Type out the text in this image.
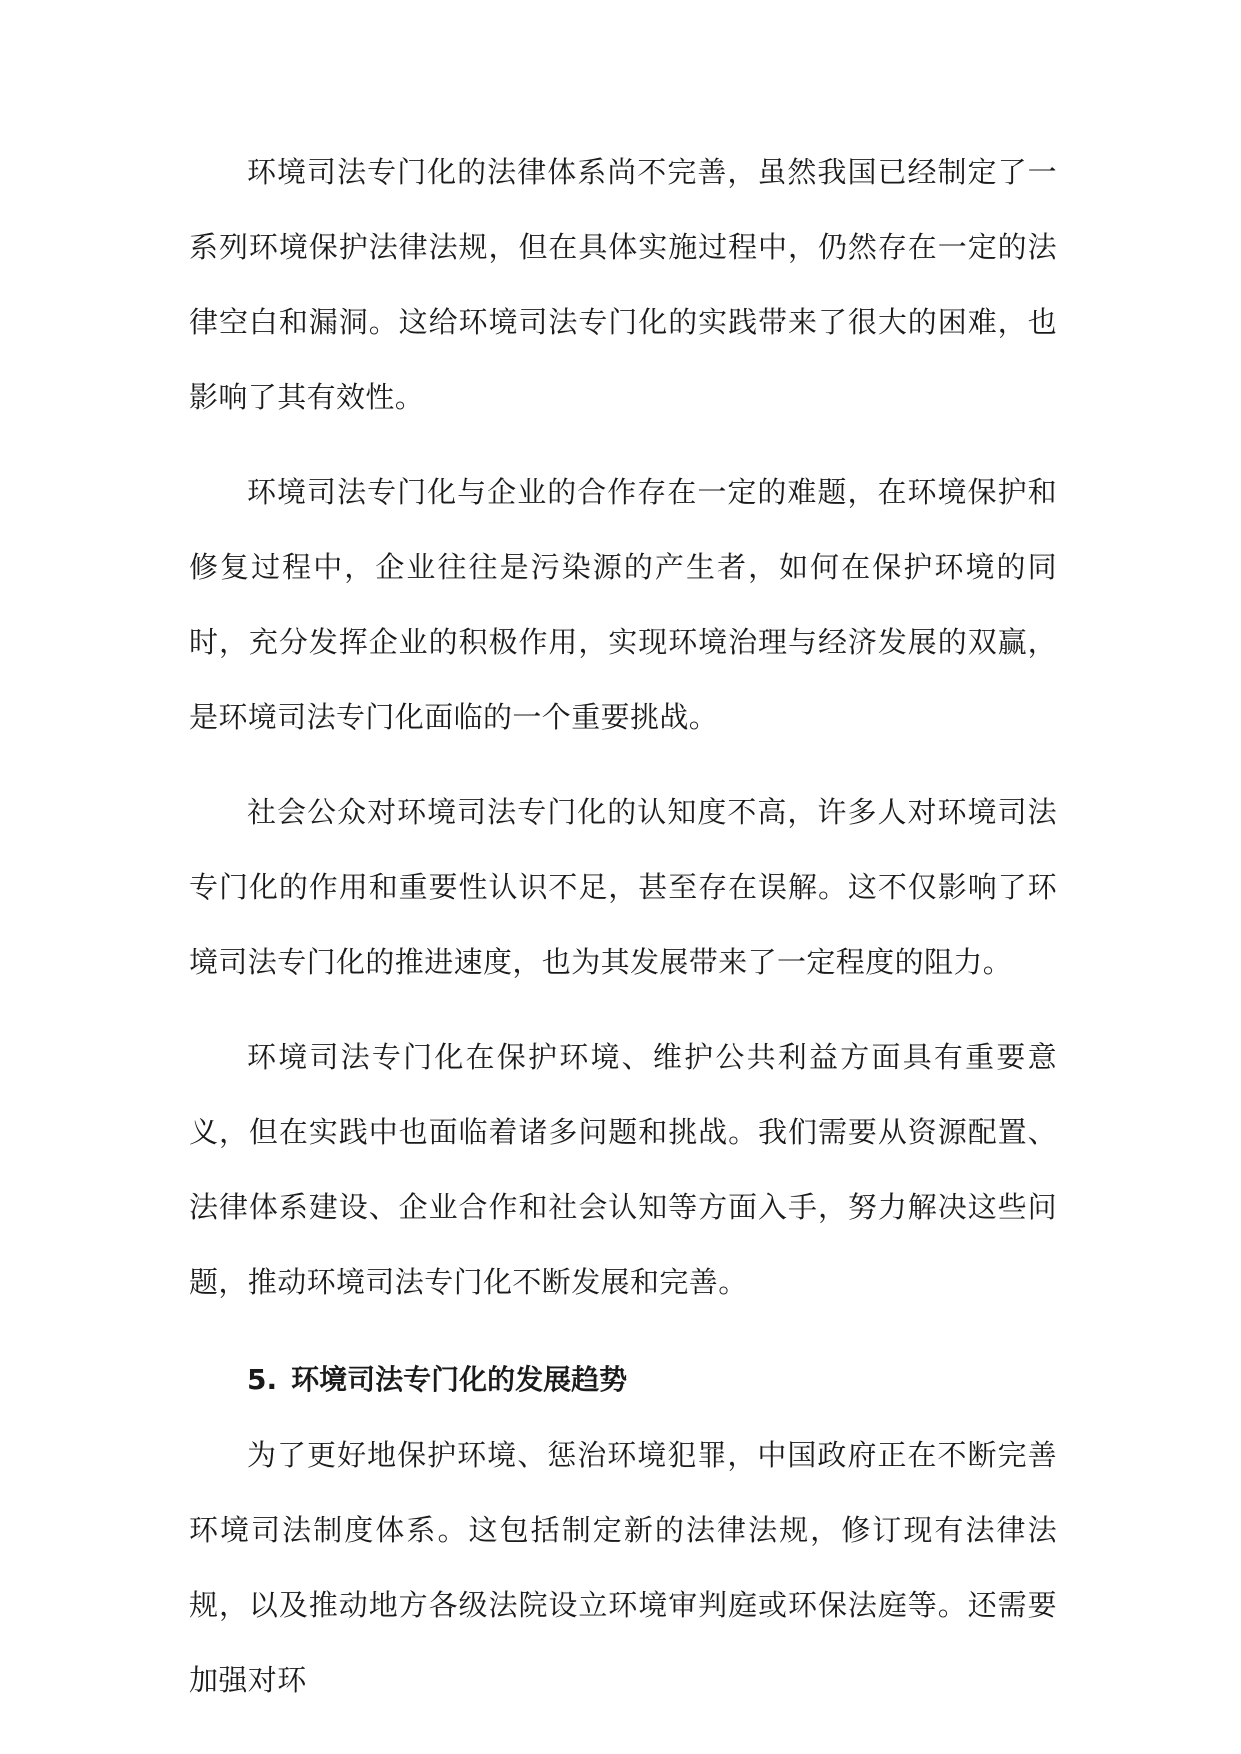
环境司法专门化的法律体系尚不完善，虽然我国已经制定了一系列环境保护法律法规，但在具体实施过程中，仍然存在一定的法律空白和漏洞。这给环境司法专门化的实践带来了很大的困难，也影响了其有效性。

环境司法专门化与企业的合作存在一定的难题，在环境保护和修复过程中，企业往往是污染源的产生者，如何在保护环境的同时，充分发挥企业的积极作用，实现环境治理与经济发展的双赢，是环境司法专门化面临的一个重要挑战。

社会公众对环境司法专门化的认知度不高，许多人对环境司法专门化的作用和重要性认识不足，甚至存在误解。这不仅影响了环境司法专门化的推进速度，也为其发展带来了一定程度的阻力。

环境司法专门化在保护环境、维护公共利益方面具有重要意义，但在实践中也面临着诸多问题和挑战。我们需要从资源配置、法律体系建设、企业合作和社会认知等方面入手，努力解决这些问题，推动环境司法专门化不断发展和完善。

5. 环境司法专门化的发展趋势

为了更好地保护环境、惩治环境犯罪，中国政府正在不断完善环境司法制度体系。这包括制定新的法律法规，修订现有法律法规，以及推动地方各级法院设立环境审判庭或环保法庭等。还需要加强对环
